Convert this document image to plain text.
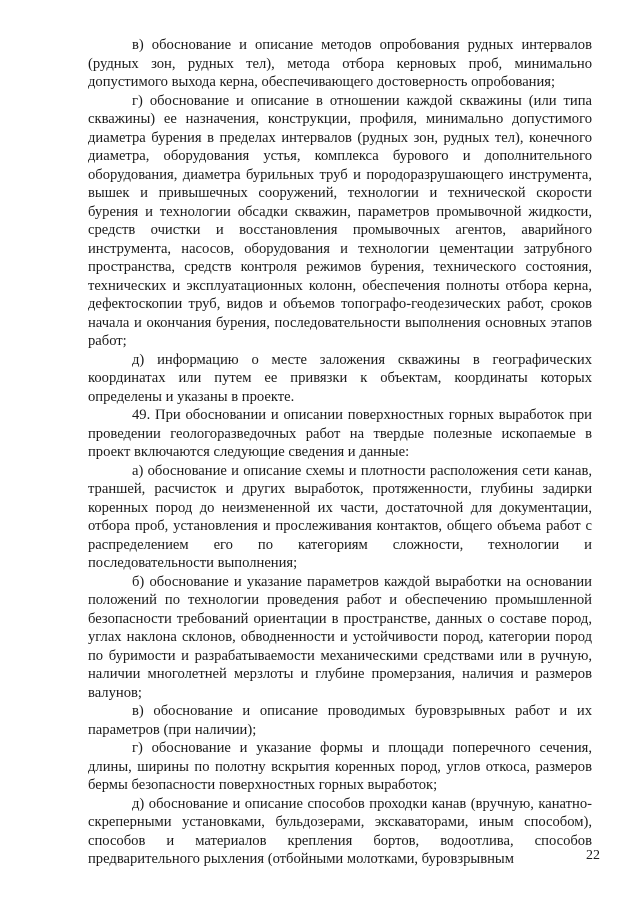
в) обоснование и описание методов опробования рудных интервалов (рудных зон, рудных тел), метода отбора керновых проб, минимально допустимого выхода керна, обеспечивающего достоверность опробования;

г) обоснование и описание в отношении каждой скважины (или типа скважины) ее назначения, конструкции, профиля, минимально допустимого диаметра бурения в пределах интервалов (рудных зон, рудных тел), конечного диаметра, оборудования устья, комплекса бурового и дополнительного оборудования, диаметра бурильных труб и породоразрушающего инструмента, вышек и привышечных сооружений, технологии и технической скорости бурения и технологии обсадки скважин, параметров промывочной жидкости, средств очистки и восстановления промывочных агентов, аварийного инструмента, насосов, оборудования и технологии цементации затрубного пространства, средств контроля режимов бурения, технического состояния, технических и эксплуатационных колонн, обеспечения полноты отбора керна, дефектоскопии труб, видов и объемов топографо-геодезических работ, сроков начала и окончания бурения, последовательности выполнения основных этапов работ;

д) информацию о месте заложения скважины в географических координатах или путем ее привязки к объектам, координаты которых определены и указаны в проекте.

49. При обосновании и описании поверхностных горных выработок при проведении геологоразведочных работ на твердые полезные ископаемые в проект включаются следующие сведения и данные:

а) обоснование и описание схемы и плотности расположения сети канав, траншей, расчисток и других выработок, протяженности, глубины задирки коренных пород до неизмененной их части, достаточной для документации, отбора проб, установления и прослеживания контактов, общего объема работ с распределением его по категориям сложности, технологии и последовательности выполнения;

б) обоснование и указание параметров каждой выработки на основании положений по технологии проведения работ и обеспечению промышленной безопасности требований ориентации в пространстве, данных о составе пород, углах наклона склонов, обводненности и устойчивости пород, категории пород по буримости и разрабатываемости механическими средствами или в ручную, наличии многолетней мерзлоты и глубине промерзания, наличия и размеров валунов;

в) обоснование и описание проводимых буровзрывных работ и их параметров (при наличии);

г) обоснование и указание формы и площади поперечного сечения, длины, ширины по полотну вскрытия коренных пород, углов откоса, размеров бермы безопасности поверхностных горных выработок;

д) обоснование и описание способов проходки канав (вручную, канатно-скреперными установками, бульдозерами, экскаваторами, иным способом), способов и материалов крепления бортов, водоотлива, способов предварительного рыхления (отбойными молотками, буровзрывным	22
